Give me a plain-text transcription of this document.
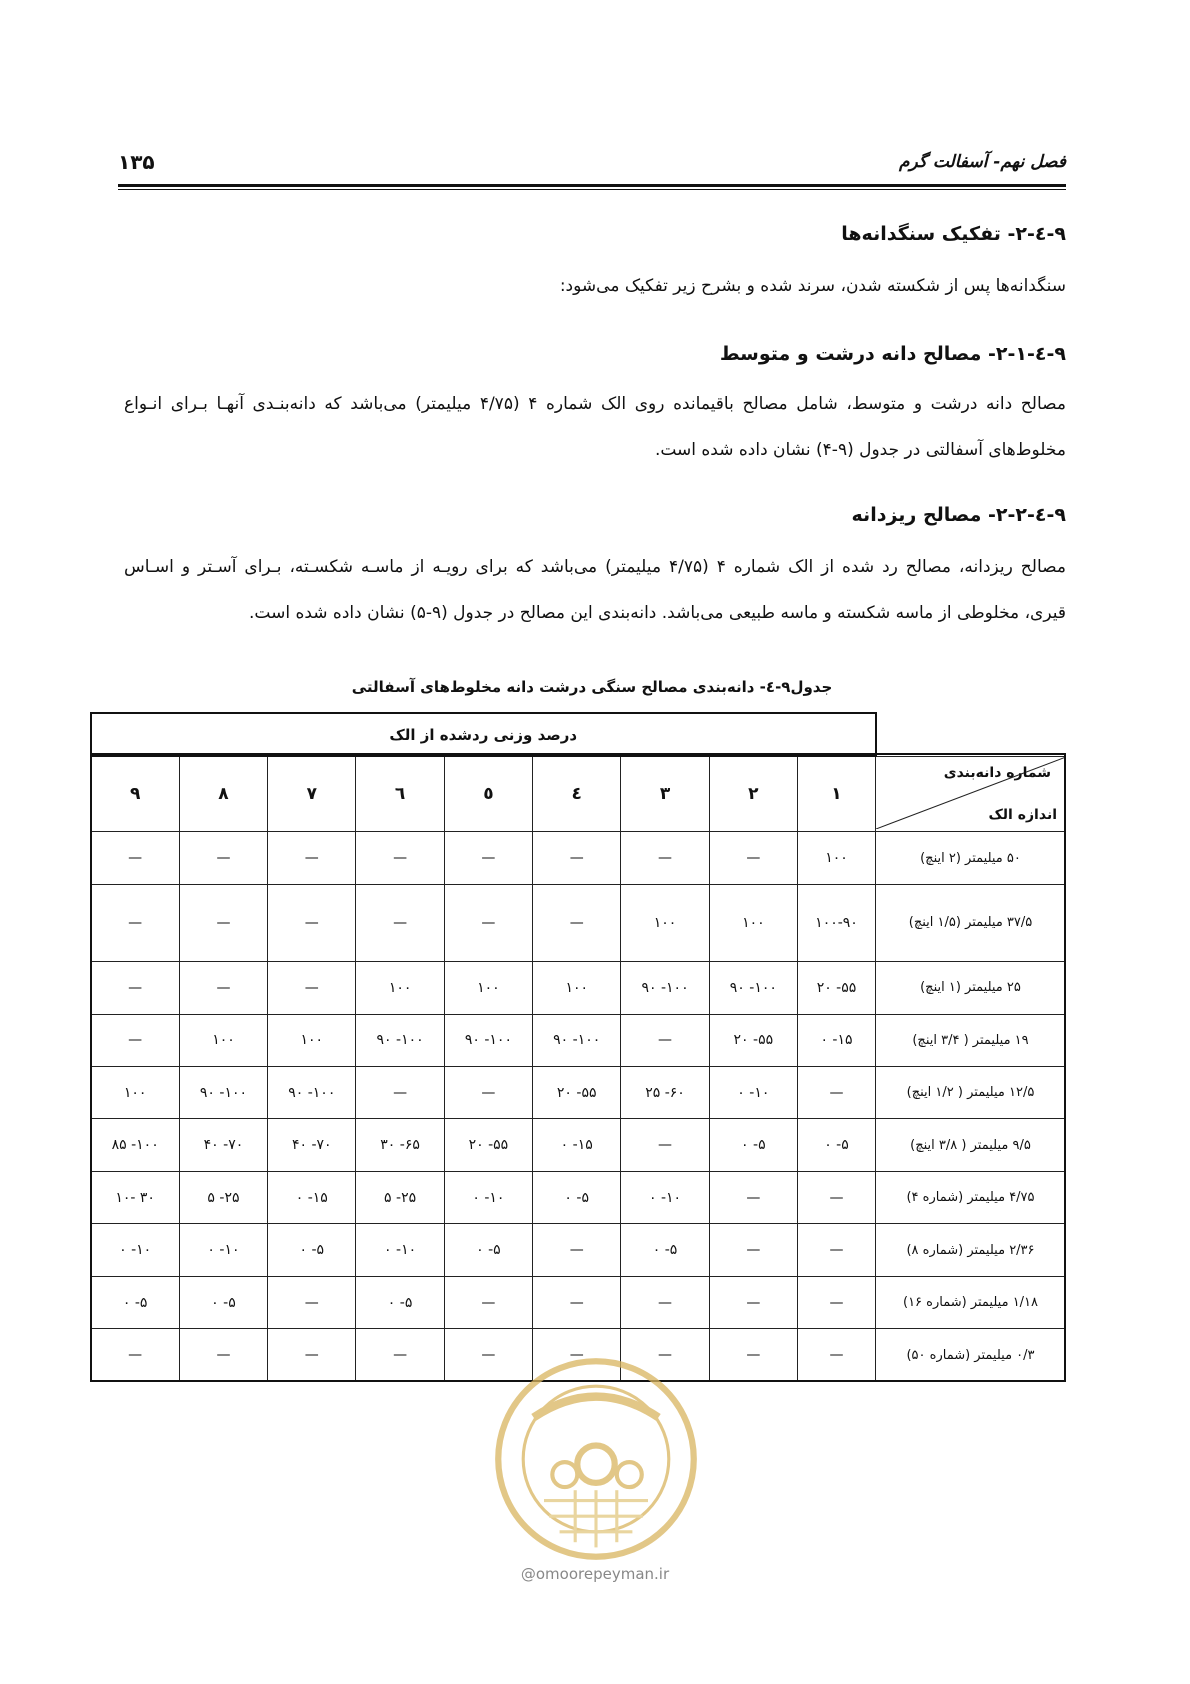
فصل نهم- آسفالت گرم
۱۳۵
۹-٤-۲- تفکیک سنگدانه‌ها
سنگدانه‌ها پس از شکسته شدن، سرند شده و بشرح زیر تفکیک می‌شود:
۹-٤-۲-۱- مصالح دانه درشت و متوسط
مصالح دانه درشت و متوسط، شامل مصالح باقیمانده روی الک شماره ۴ (۴/۷۵ میلیمتر) می‌باشد که دانه‌بنـدی آنهـا بـرای انـواع
مخلوط‌های آسفالتی در جدول (۹-۴) نشان داده شده است.
۹-٤-۲-۲- مصالح ریزدانه
مصالح ریزدانه، مصالح رد شده از الک شماره ۴ (۴/۷۵ میلیمتر) می‌باشد که برای رویـه از ماسـه شکسـته، بـرای آسـتر و اسـاس
قیری، مخلوطی از ماسه شکسته و ماسه طبیعی می‌باشد. دانه‌بندی این مصالح در جدول (۹-۵) نشان داده شده است.
جدول۹-٤- دانه‌بندی مصالح سنگی درشت دانه مخلوط‌های آسفالتی
	درصد وزنی ردشده از الک								

شماره دانه‌بندی
اندازه الک	۱	۲	۳	٤	٥	٦	۷	۸	۹
۵۰ میلیمتر (۲ اینچ)	۱۰۰	—	—	—	—	—	—	—	—
۳۷/۵ میلیمتر (۱/۵ اینچ)	۱۰۰-۹۰	۱۰۰	۱۰۰	—	—	—	—	—	—
۲۵ میلیمتر (۱ اینچ)	۵۵- ۲۰	۱۰۰- ۹۰	۱۰۰- ۹۰	۱۰۰	۱۰۰	۱۰۰	—	—	—
۱۹ میلیمتر ( ۳/۴ اینچ)	۱۵- ۰	۵۵- ۲۰	—	۱۰۰- ۹۰	۱۰۰- ۹۰	۱۰۰- ۹۰	۱۰۰	۱۰۰	—
۱۲/۵ میلیمتر ( ۱/۲ اینچ)	—	۱۰- ۰	۶۰- ۲۵	۵۵- ۲۰	—	—	۱۰۰- ۹۰	۱۰۰- ۹۰	۱۰۰
۹/۵ میلیمتر ( ۳/۸ اینچ)	۵- ۰	۵- ۰	—	۱۵- ۰	۵۵- ۲۰	۶۵- ۳۰	۷۰- ۴۰	۷۰- ۴۰	۱۰۰- ۸۵
۴/۷۵ میلیمتر (شماره ۴)	—	—	۱۰- ۰	۵- ۰	۱۰- ۰	۲۵- ۵	۱۵- ۰	۲۵- ۵	۳۰ -۱۰
۲/۳۶ میلیمتر (شماره ۸)	—	—	۵- ۰	—	۵- ۰	۱۰- ۰	۵- ۰	۱۰- ۰	۱۰- ۰
۱/۱۸ میلیمتر (شماره ۱۶)	—	—	—	—	—	۵- ۰	—	۵- ۰	۵- ۰
۰/۳ میلیمتر (شماره ۵۰)	—	—	—	—	—	—	—	—	—
@omoorepeyman.ir
